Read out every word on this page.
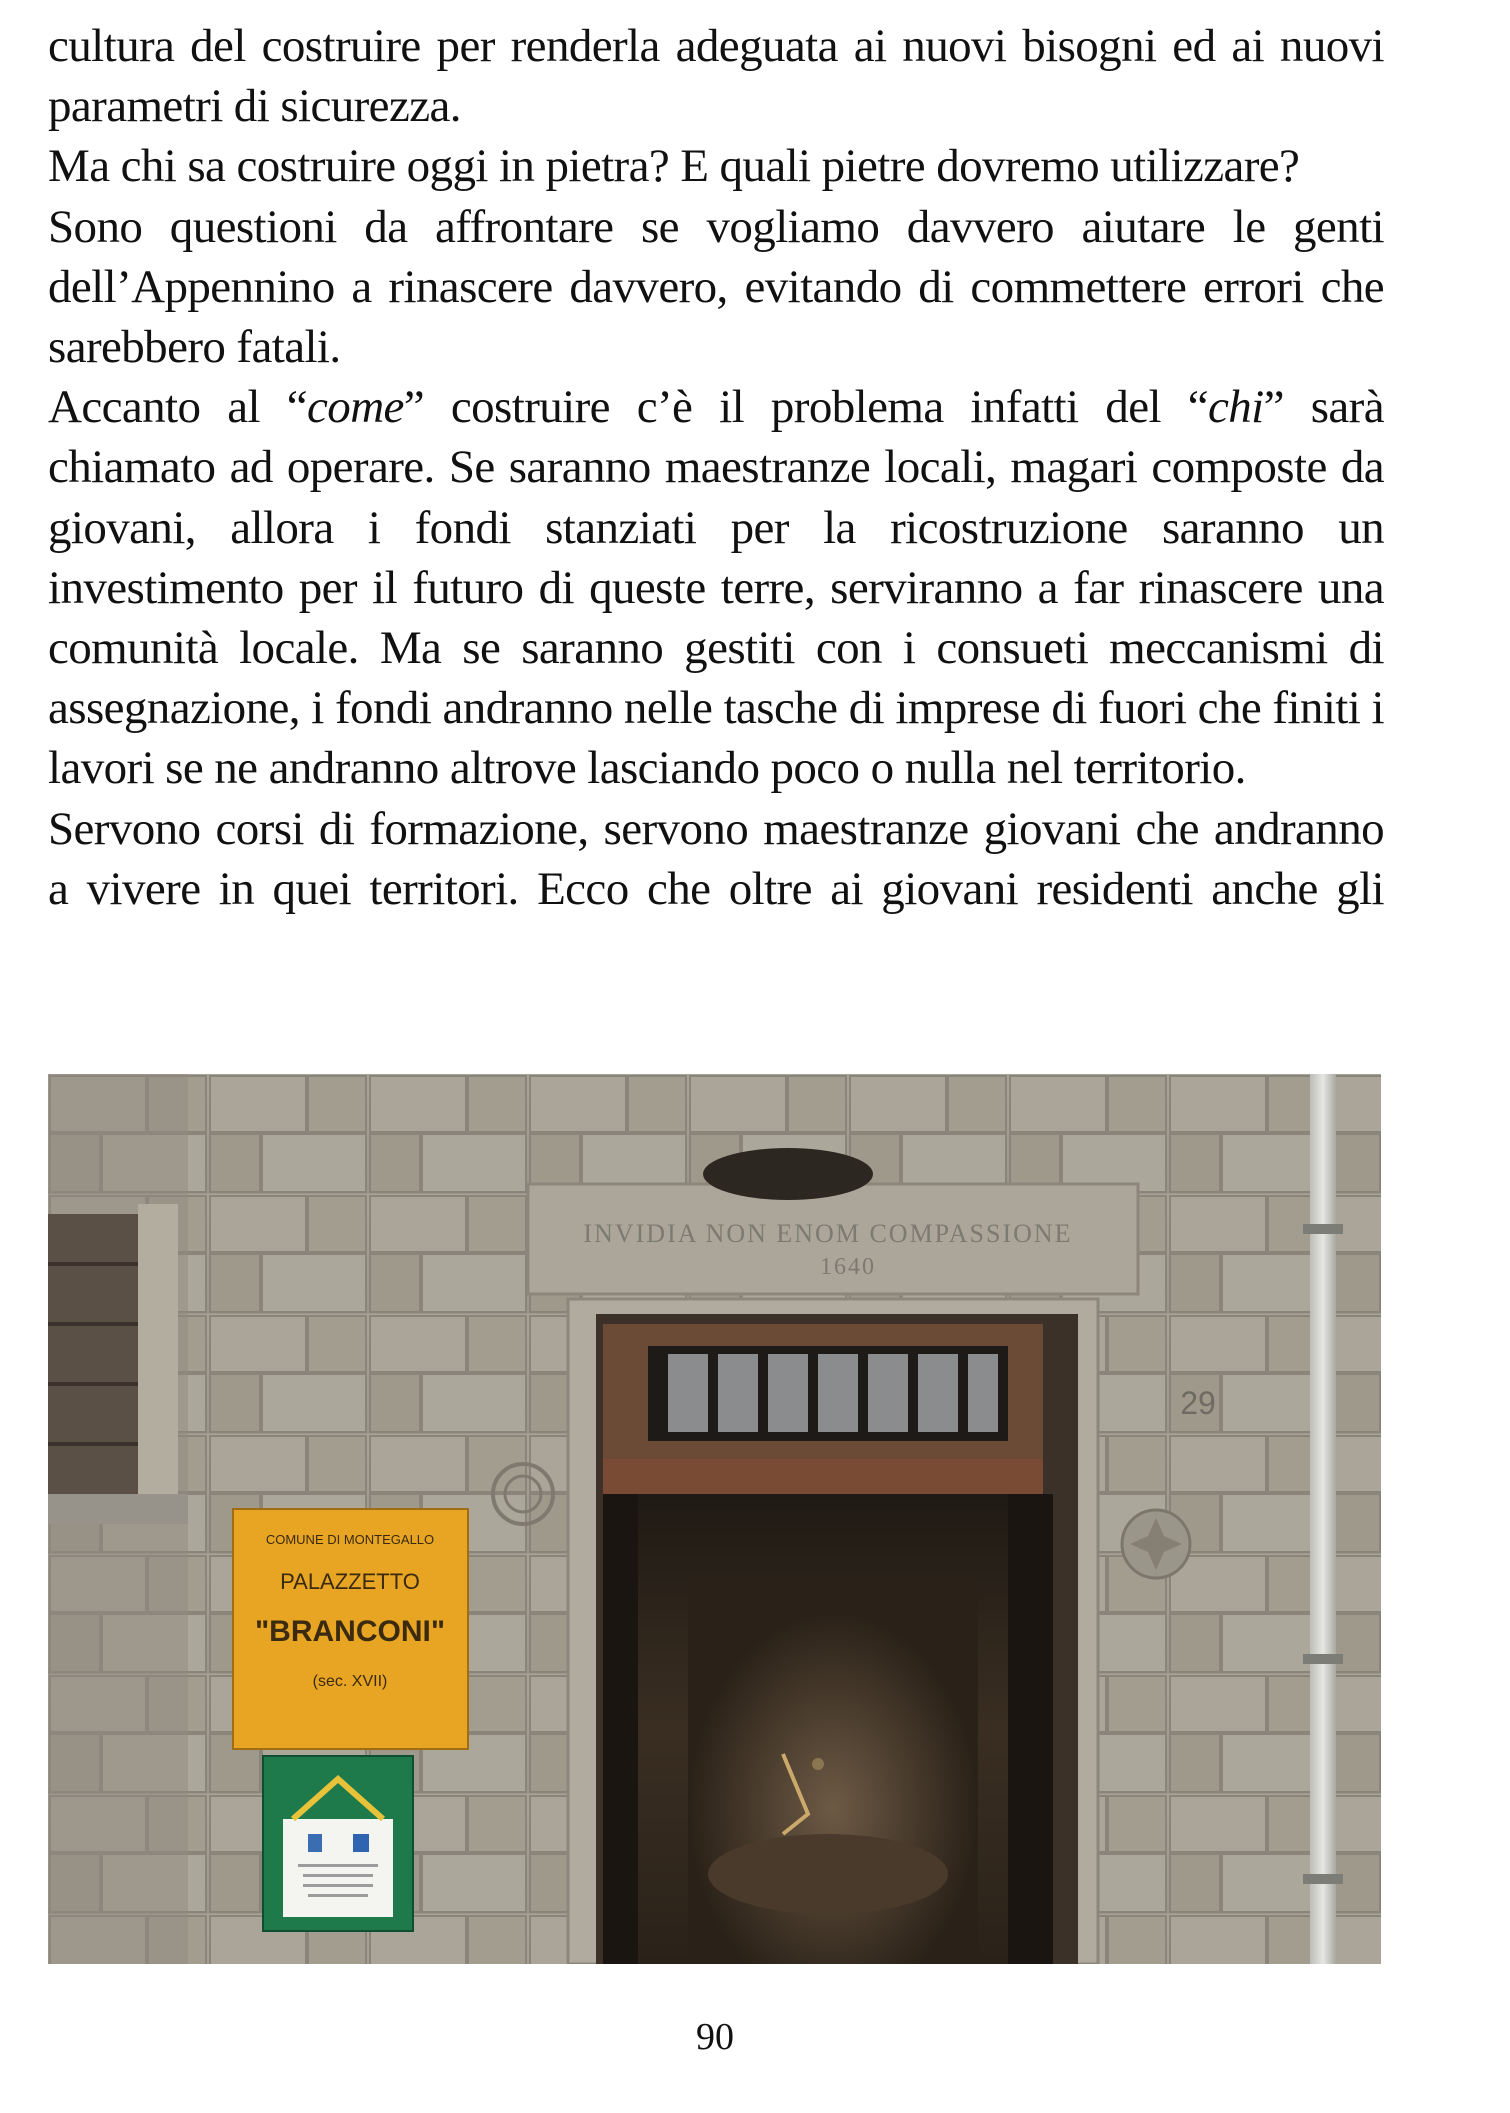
cultura del costruire per renderla adeguata ai nuovi bisogni ed ai nuovi parametri di sicurezza.

Ma chi sa costruire oggi in pietra? E quali pietre dovremo utilizzare?

Sono questioni da affrontare se vogliamo davvero aiutare le genti dell’Appennino a rinascere davvero, evitando di commettere errori che sarebbero fatali.

Accanto al “come” costruire c’è il problema infatti del “chi” sarà chiamato ad operare. Se saranno maestranze locali, magari composte da giovani, allora i fondi stanziati per la ricostruzione saranno un investimento per il futuro di queste terre, serviranno a far rinascere una comunità locale. Ma se saranno gestiti con i consueti meccanismi di assegnazione, i fondi andranno nelle tasche di imprese di fuori che finiti i lavori se ne andranno altrove lasciando poco o nulla nel territorio.

Servono corsi di formazione, servono maestranze giovani che andranno a vivere in quei territori. Ecco che oltre ai giovani residenti anche gli

INVIDIA NON ENOM COMPASSIONE
1640
29
COMUNE DI MONTEGALLO
PALAZZETTO
"BRANCONI"
(sec. XVII)
90
